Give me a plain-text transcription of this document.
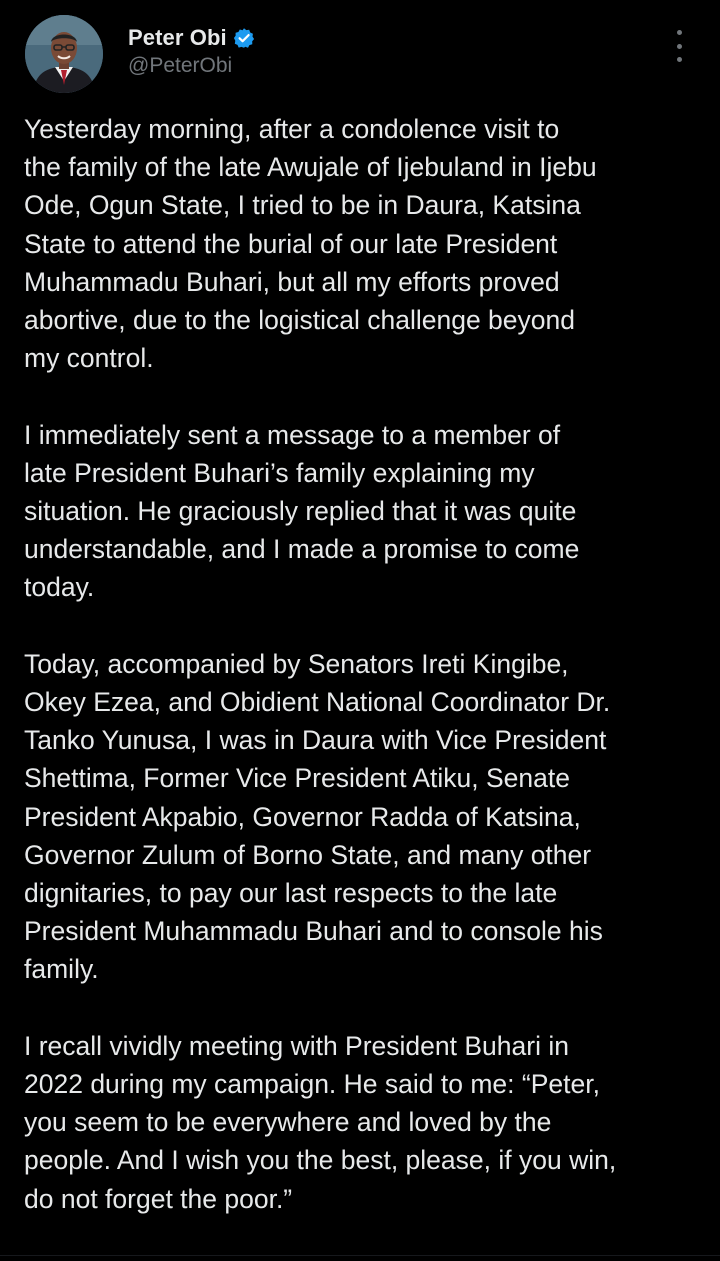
Peter Obi
@PeterObi

Yesterday morning, after a condolence visit to
the family of the late Awujale of Ijebuland in Ijebu
Ode, Ogun State, I tried to be in Daura, Katsina
State to attend the burial of our late President
Muhammadu Buhari, but all my efforts proved
abortive, due to the logistical challenge beyond
my control.

I immediately sent a message to a member of
late President Buhari’s family explaining my
situation. He graciously replied that it was quite
understandable, and I made a promise to come
today.

Today, accompanied by Senators Ireti Kingibe,
Okey Ezea, and Obidient National Coordinator Dr.
Tanko Yunusa, I was in Daura with Vice President
Shettima, Former Vice President Atiku, Senate
President Akpabio, Governor Radda of Katsina,
Governor Zulum of Borno State, and many other
dignitaries, to pay our last respects to the late
President Muhammadu Buhari and to console his
family.

I recall vividly meeting with President Buhari in
2022 during my campaign. He said to me: “Peter,
you seem to be everywhere and loved by the
people. And I wish you the best, please, if you win,
do not forget the poor.”
